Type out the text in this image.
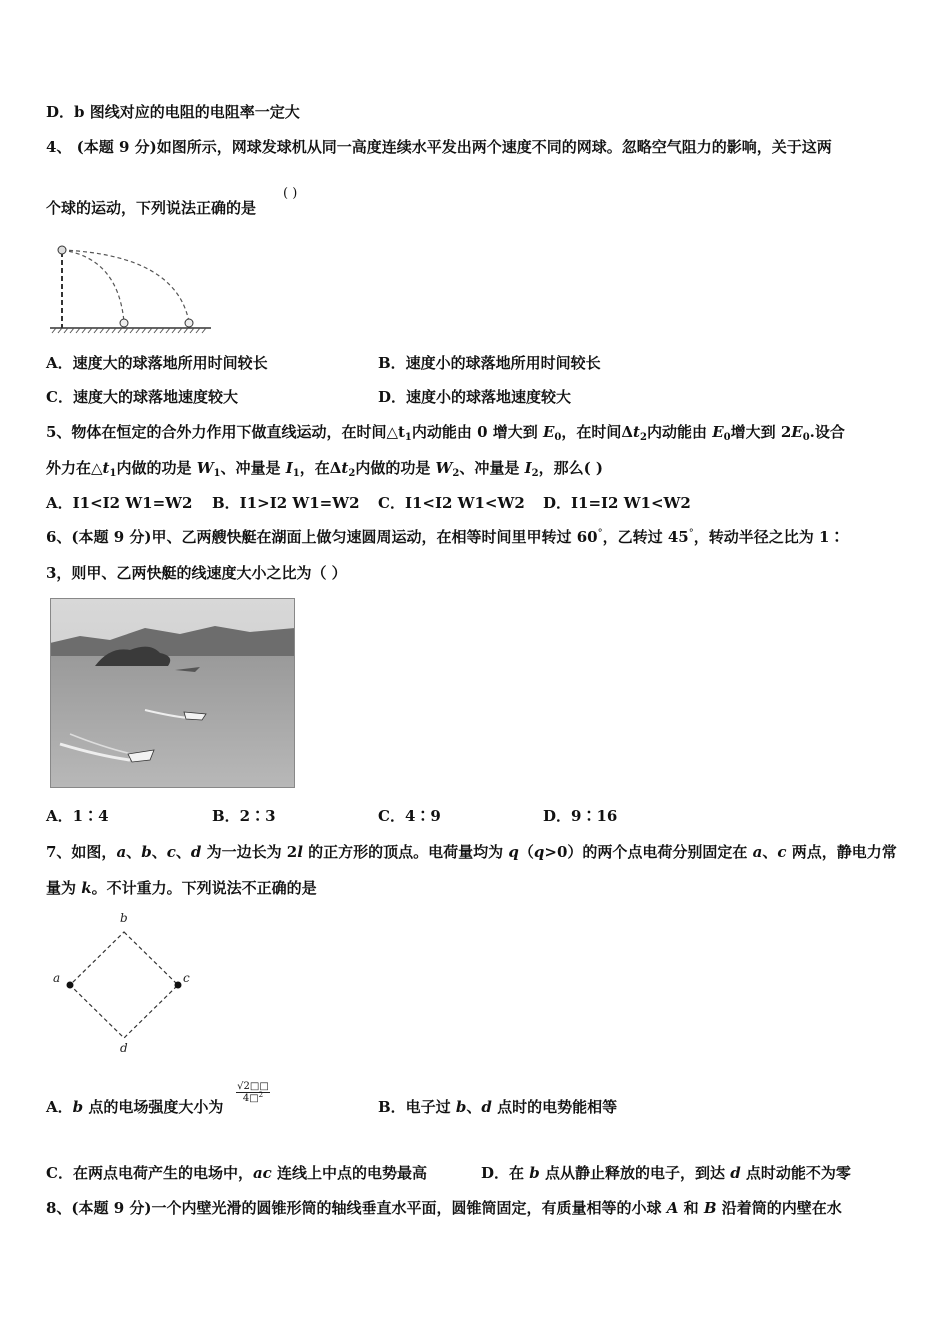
D．b 图线对应的电阻的电阻率一定大
4、 (本题 9 分)如图所示，网球发球机从同一高度连续水平发出两个速度不同的网球。忽略空气阻力的影响，关于这两
个球的运动，下列说法正确的是
( )
A．速度大的球落地所用时间较长	B．速度小的球落地所用时间较长
C．速度大的球落地速度较大	D．速度小的球落地速度较大
5、物体在恒定的合外力作用下做直线运动，在时间$\triangle t_1$内动能由 0 增大到 $E_0$，在时间$\Delta t_2$内动能由 $E_0$增大到 $2E_0$.设合
外力在$\triangle t_1$内做的功是 $W_1$、冲量是 $I_1$，在$\Delta t_2$内做的功是 $W_2$、冲量是 $I_2$，那么( )
A．I1<I2 W1=W2 B．I1>I2 W1=W2 C．I1<I2 W1<W2 D．I1=I2 W1<W2
6、(本题 9 分)甲、乙两艘快艇在湖面上做匀速圆周运动，在相等时间里甲转过 60°，乙转过 45°，转动半径之比为 1∶
3，则甲、乙两快艇的线速度大小之比为（ ）
A．1∶4	B．2∶3	C．4∶9	D．9∶16
7、如图，a、b、c、d 为一边长为 2l 的正方形的顶点。电荷量均为 q（q>0）的两个点电荷分别固定在 a、c 两点，静电力常
量为 k。不计重力。下列说法不正确的是
b
a	c
d
A．b 点的电场强度大小为
$\frac{√2□□}{4□^2}$
B．电子过 b、d 点时的电势能相等
C．在两点电荷产生的电场中，ac 连线上中点的电势最高	D．在 b 点从静止释放的电子，到达 d 点时动能不为零
8、(本题 9 分)一个内壁光滑的圆锥形筒的轴线垂直水平面，圆锥筒固定，有质量相等的小球 A 和 B 沿着筒的内壁在水
